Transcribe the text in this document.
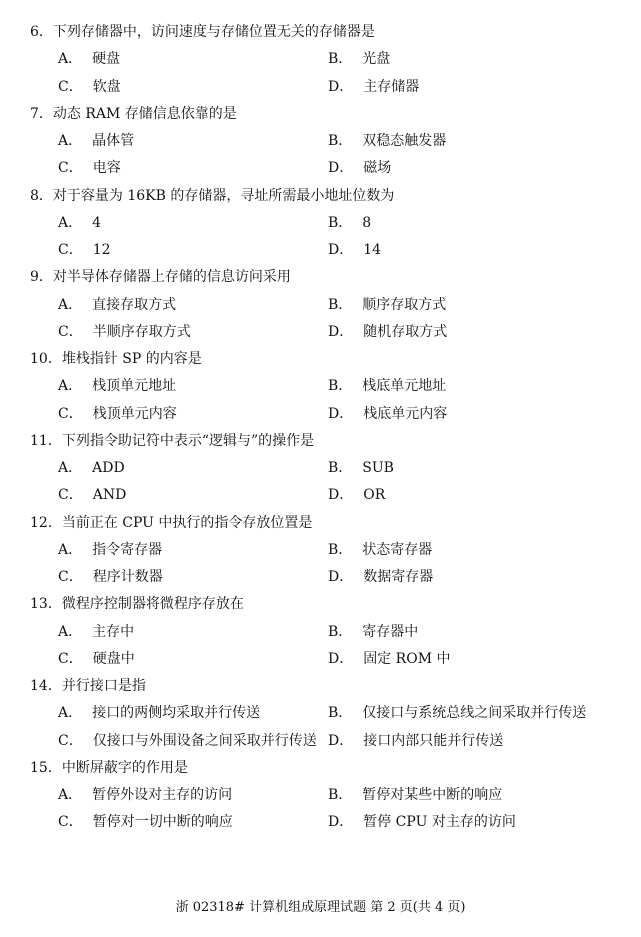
6．下列存储器中，访问速度与存储位置无关的存储器是
A． 硬盘	B． 光盘
C． 软盘	D． 主存储器
7．动态 RAM 存储信息依靠的是
A． 晶体管	B． 双稳态触发器
C． 电容	D． 磁场
8．对于容量为 16KB 的存储器，寻址所需最小地址位数为
A． 4	B． 8
C． 12	D． 14
9．对半导体存储器上存储的信息访问采用
A． 直接存取方式	B． 顺序存取方式
C． 半顺序存取方式	D． 随机存取方式
10．堆栈指针 SP 的内容是
A． 栈顶单元地址	B． 栈底单元地址
C． 栈顶单元内容	D． 栈底单元内容
11．下列指令助记符中表示“逻辑与”的操作是
A． ADD	B． SUB
C． AND	D． OR
12．当前正在 CPU 中执行的指令存放位置是
A． 指令寄存器	B． 状态寄存器
C． 程序计数器	D． 数据寄存器
13．微程序控制器将微程序存放在
A． 主存中	B． 寄存器中
C． 硬盘中	D． 固定 ROM 中
14．并行接口是指
A． 接口的两侧均采取并行传送	B． 仅接口与系统总线之间采取并行传送
C． 仅接口与外围设备之间采取并行传送 D． 接口内部只能并行传送
15．中断屏蔽字的作用是
A． 暂停外设对主存的访问	B． 暂停对某些中断的响应
C． 暂停对一切中断的响应	D． 暂停 CPU 对主存的访问
浙 02318# 计算机组成原理试题 第 2 页(共 4 页)
